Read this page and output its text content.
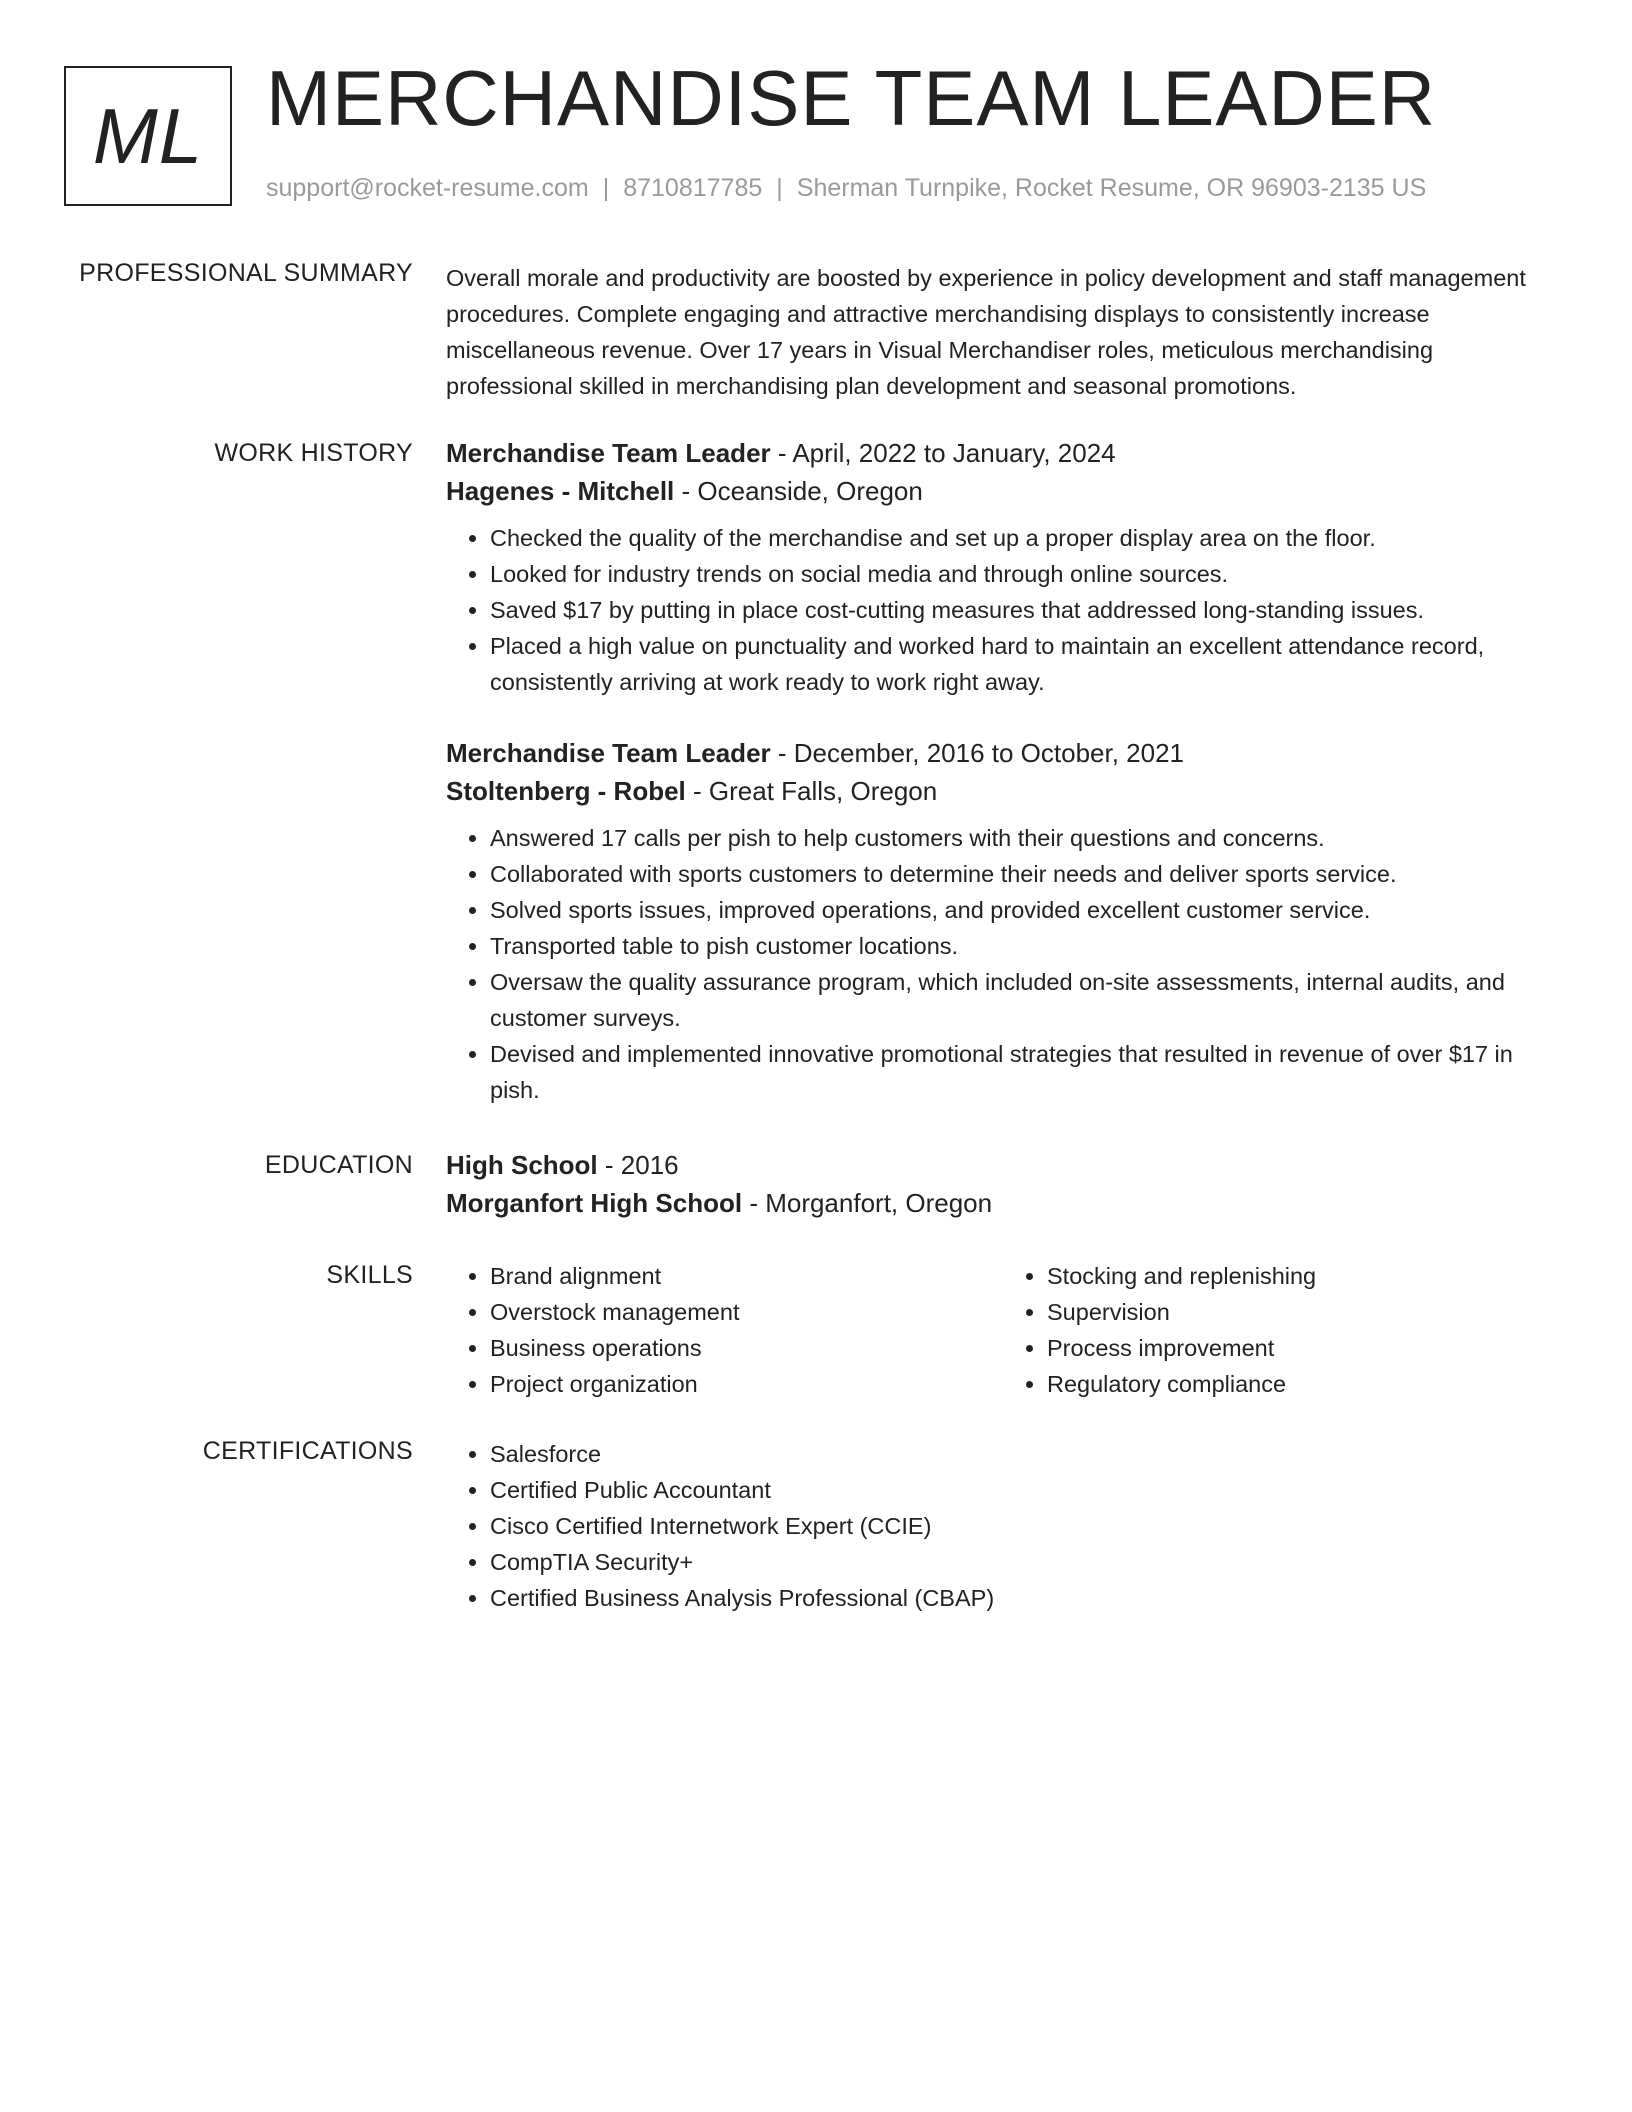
ML MERCHANDISE TEAM LEADER
support@rocket-resume.com | 8710817785 | Sherman Turnpike, Rocket Resume, OR 96903-2135 US
PROFESSIONAL SUMMARY Overall morale and productivity are boosted by experience in policy development and staff management procedures. Complete engaging and attractive merchandising displays to consistently increase miscellaneous revenue. Over 17 years in Visual Merchandiser roles, meticulous merchandising professional skilled in merchandising plan development and seasonal promotions.

WORK HISTORY Merchandise Team Leader - April, 2022 to January, 2024

Hagenes - Mitchell - Oceanside, Oregon

• Checked the quality of the merchandise and set up a proper display area on the floor.
• Looked for industry trends on social media and through online sources.
• Saved $17 by putting in place cost-cutting measures that addressed long-standing issues.
• Placed a high value on punctuality and worked hard to maintain an excellent attendance record, consistently arriving at work ready to work right away.

Merchandise Team Leader - December, 2016 to October, 2021

Stoltenberg - Robel - Great Falls, Oregon

• Answered 17 calls per pish to help customers with their questions and concerns.
• Collaborated with sports customers to determine their needs and deliver sports service.
• Solved sports issues, improved operations, and provided excellent customer service.
• Transported table to pish customer locations.
• Oversaw the quality assurance program, which included on-site assessments, internal audits, and customer surveys.
• Devised and implemented innovative promotional strategies that resulted in revenue of over $17 in pish.
EDUCATION High School - 2016

Morganfort High School - Morganfort, Oregon

SKILLS	• Brand alignment
• Overstock management
• Business operations
• Project organization
• Stocking and replenishing
• Supervision
• Process improvement
• Regulatory compliance
CERTIFICATIONS	• Salesforce
• Certified Public Accountant
• Cisco Certified Internetwork Expert (CCIE)
• CompTIA Security+
• Certified Business Analysis Professional (CBAP)
